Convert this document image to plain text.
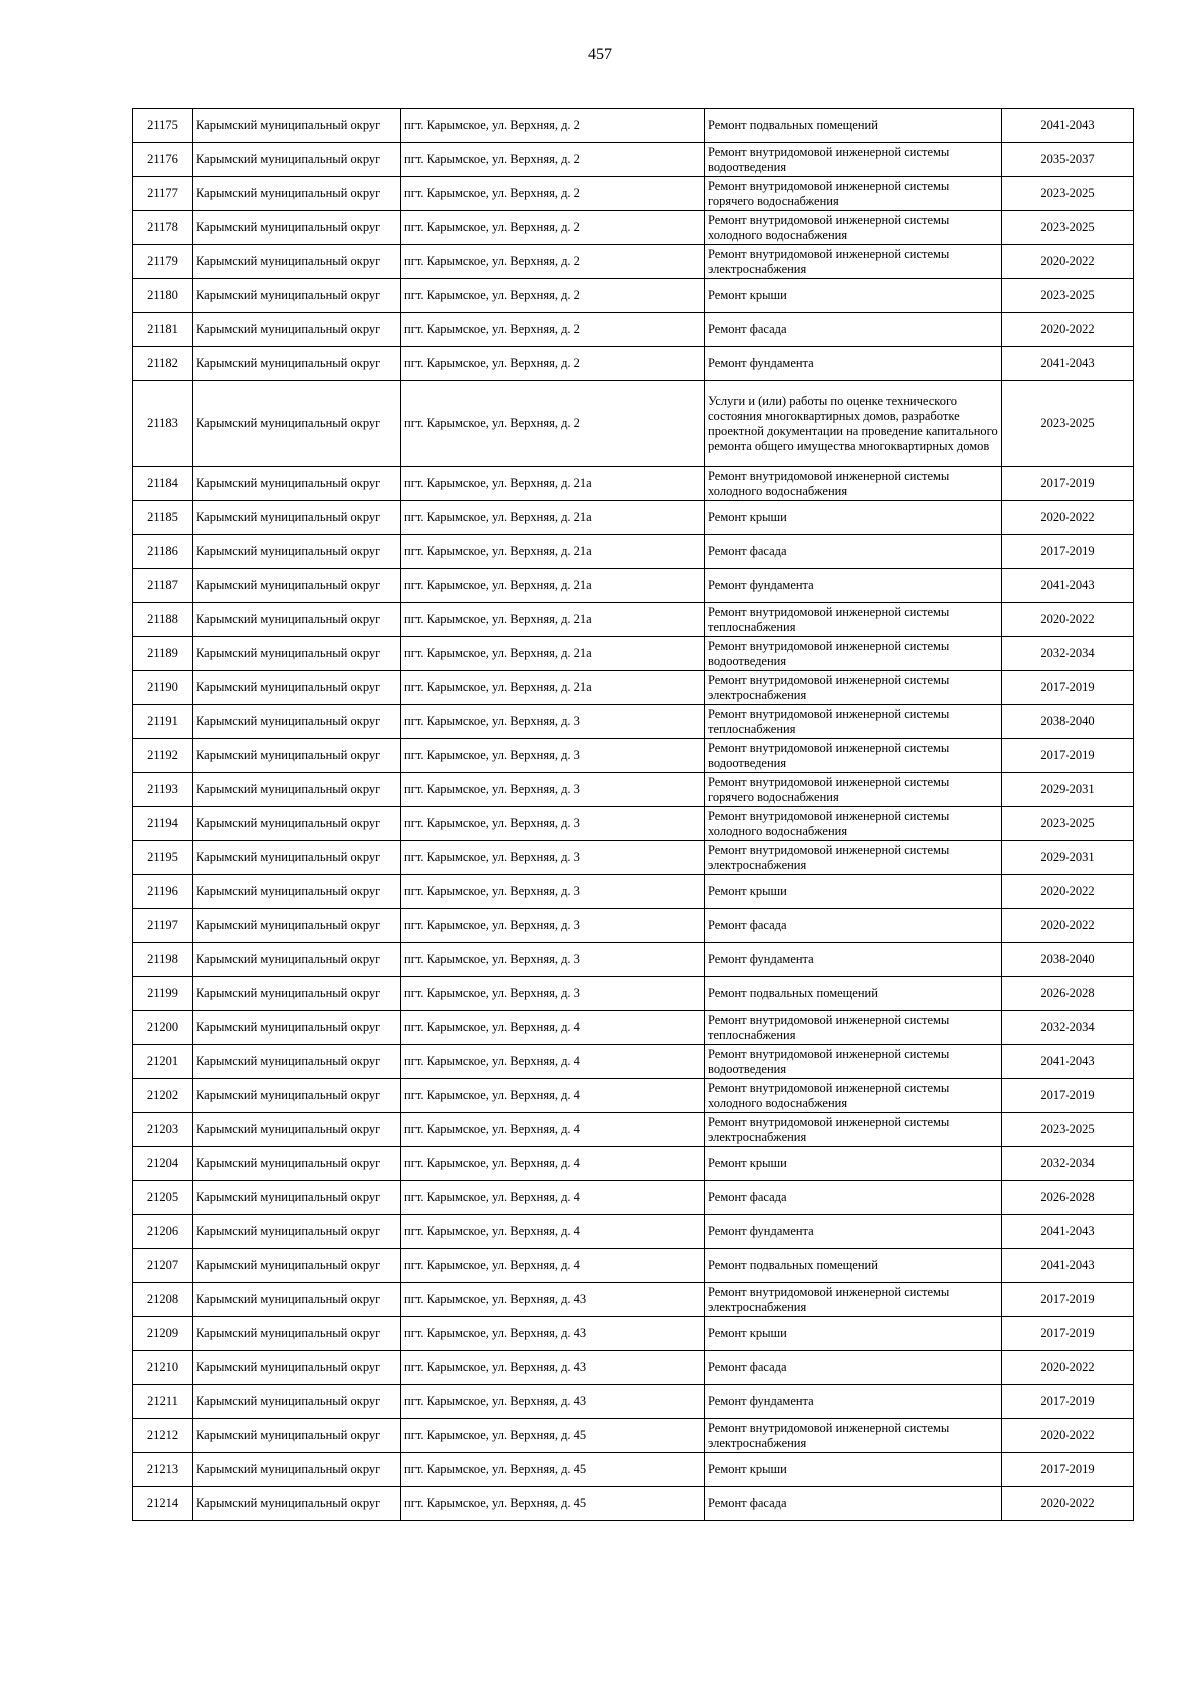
457
21175	Карымский муниципальный округ	пгт. Карымское, ул. Верхняя, д. 2	Ремонт подвальных помещений	2041-2043
21176	Карымский муниципальный округ	пгт. Карымское, ул. Верхняя, д. 2	Ремонт внутридомовой инженерной системы водоотведения	2035-2037
21177	Карымский муниципальный округ	пгт. Карымское, ул. Верхняя, д. 2	Ремонт внутридомовой инженерной системы горячего водоснабжения	2023-2025
21178	Карымский муниципальный округ	пгт. Карымское, ул. Верхняя, д. 2	Ремонт внутридомовой инженерной системы холодного водоснабжения	2023-2025
21179	Карымский муниципальный округ	пгт. Карымское, ул. Верхняя, д. 2	Ремонт внутридомовой инженерной системы электроснабжения	2020-2022
21180	Карымский муниципальный округ	пгт. Карымское, ул. Верхняя, д. 2	Ремонт крыши	2023-2025
21181	Карымский муниципальный округ	пгт. Карымское, ул. Верхняя, д. 2	Ремонт фасада	2020-2022
21182	Карымский муниципальный округ	пгт. Карымское, ул. Верхняя, д. 2	Ремонт фундамента	2041-2043
21183	Карымский муниципальный округ	пгт. Карымское, ул. Верхняя, д. 2	Услуги и (или) работы по оценке технического состояния многоквартирных домов, разработке проектной документации на проведение капитального ремонта общего имущества многоквартирных домов	2023-2025
21184	Карымский муниципальный округ	пгт. Карымское, ул. Верхняя, д. 21а	Ремонт внутридомовой инженерной системы холодного водоснабжения	2017-2019
21185	Карымский муниципальный округ	пгт. Карымское, ул. Верхняя, д. 21а	Ремонт крыши	2020-2022
21186	Карымский муниципальный округ	пгт. Карымское, ул. Верхняя, д. 21а	Ремонт фасада	2017-2019
21187	Карымский муниципальный округ	пгт. Карымское, ул. Верхняя, д. 21а	Ремонт фундамента	2041-2043
21188	Карымский муниципальный округ	пгт. Карымское, ул. Верхняя, д. 21а	Ремонт внутридомовой инженерной системы теплоснабжения	2020-2022
21189	Карымский муниципальный округ	пгт. Карымское, ул. Верхняя, д. 21а	Ремонт внутридомовой инженерной системы водоотведения	2032-2034
21190	Карымский муниципальный округ	пгт. Карымское, ул. Верхняя, д. 21а	Ремонт внутридомовой инженерной системы электроснабжения	2017-2019
21191	Карымский муниципальный округ	пгт. Карымское, ул. Верхняя, д. 3	Ремонт внутридомовой инженерной системы теплоснабжения	2038-2040
21192	Карымский муниципальный округ	пгт. Карымское, ул. Верхняя, д. 3	Ремонт внутридомовой инженерной системы водоотведения	2017-2019
21193	Карымский муниципальный округ	пгт. Карымское, ул. Верхняя, д. 3	Ремонт внутридомовой инженерной системы горячего водоснабжения	2029-2031
21194	Карымский муниципальный округ	пгт. Карымское, ул. Верхняя, д. 3	Ремонт внутридомовой инженерной системы холодного водоснабжения	2023-2025
21195	Карымский муниципальный округ	пгт. Карымское, ул. Верхняя, д. 3	Ремонт внутридомовой инженерной системы электроснабжения	2029-2031
21196	Карымский муниципальный округ	пгт. Карымское, ул. Верхняя, д. 3	Ремонт крыши	2020-2022
21197	Карымский муниципальный округ	пгт. Карымское, ул. Верхняя, д. 3	Ремонт фасада	2020-2022
21198	Карымский муниципальный округ	пгт. Карымское, ул. Верхняя, д. 3	Ремонт фундамента	2038-2040
21199	Карымский муниципальный округ	пгт. Карымское, ул. Верхняя, д. 3	Ремонт подвальных помещений	2026-2028
21200	Карымский муниципальный округ	пгт. Карымское, ул. Верхняя, д. 4	Ремонт внутридомовой инженерной системы теплоснабжения	2032-2034
21201	Карымский муниципальный округ	пгт. Карымское, ул. Верхняя, д. 4	Ремонт внутридомовой инженерной системы водоотведения	2041-2043
21202	Карымский муниципальный округ	пгт. Карымское, ул. Верхняя, д. 4	Ремонт внутридомовой инженерной системы холодного водоснабжения	2017-2019
21203	Карымский муниципальный округ	пгт. Карымское, ул. Верхняя, д. 4	Ремонт внутридомовой инженерной системы электроснабжения	2023-2025
21204	Карымский муниципальный округ	пгт. Карымское, ул. Верхняя, д. 4	Ремонт крыши	2032-2034
21205	Карымский муниципальный округ	пгт. Карымское, ул. Верхняя, д. 4	Ремонт фасада	2026-2028
21206	Карымский муниципальный округ	пгт. Карымское, ул. Верхняя, д. 4	Ремонт фундамента	2041-2043
21207	Карымский муниципальный округ	пгт. Карымское, ул. Верхняя, д. 4	Ремонт подвальных помещений	2041-2043
21208	Карымский муниципальный округ	пгт. Карымское, ул. Верхняя, д. 43	Ремонт внутридомовой инженерной системы электроснабжения	2017-2019
21209	Карымский муниципальный округ	пгт. Карымское, ул. Верхняя, д. 43	Ремонт крыши	2017-2019
21210	Карымский муниципальный округ	пгт. Карымское, ул. Верхняя, д. 43	Ремонт фасада	2020-2022
21211	Карымский муниципальный округ	пгт. Карымское, ул. Верхняя, д. 43	Ремонт фундамента	2017-2019
21212	Карымский муниципальный округ	пгт. Карымское, ул. Верхняя, д. 45	Ремонт внутридомовой инженерной системы электроснабжения	2020-2022
21213	Карымский муниципальный округ	пгт. Карымское, ул. Верхняя, д. 45	Ремонт крыши	2017-2019
21214	Карымский муниципальный округ	пгт. Карымское, ул. Верхняя, д. 45	Ремонт фасада	2020-2022
